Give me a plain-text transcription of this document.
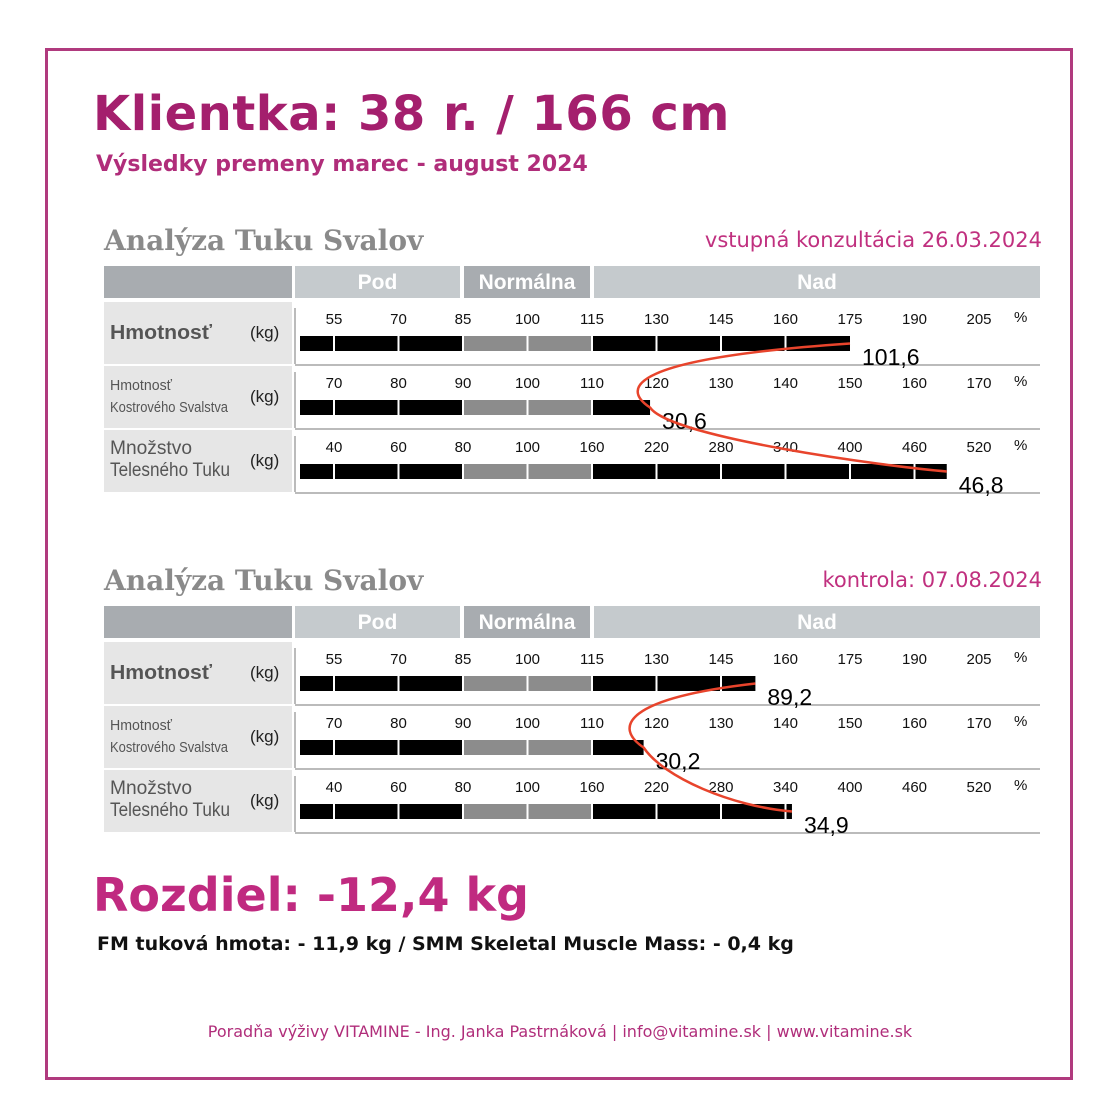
Klientka: 38 r. / 166 cm
Výsledky premeny marec - august 2024
Analýza Tuku Svalov	vstupná konzultácia 26.03.2024
Pod	Normálna	Nad
Hmotnosť (kg)
55	70	85	100	115	130	145	160	175	190	205 %
101,6
Hmotnosť
Kostrového Svalstva
(kg)
70	80	90	100	110	120	130	140	150	160	170 %
30,6
Množstvo
Telesného Tuku (kg)
40	60	80	100	160	220	280	340	400	460	520 %
46,8
Analýza Tuku Svalov	kontrola: 07.08.2024
Pod	Normálna	Nad
Hmotnosť (kg)
55	70	85	100	115	130	145	160	175	190	205 %
89,2
Hmotnosť
Kostrového Svalstva
(kg)
70	80	90	100	110	120	130	140	150	160	170 %
30,2
Množstvo
Telesného Tuku (kg)
40	60	80	100	160	220	280	340	400	460	520 %
34,9
Rozdiel: -12,4 kg
FM tuková hmota: - 11,9 kg / SMM Skeletal Muscle Mass: - 0,4 kg
Poradňa výživy VITAMINE - Ing. Janka Pastrnáková | info@vitamine.sk | www.vitamine.sk
